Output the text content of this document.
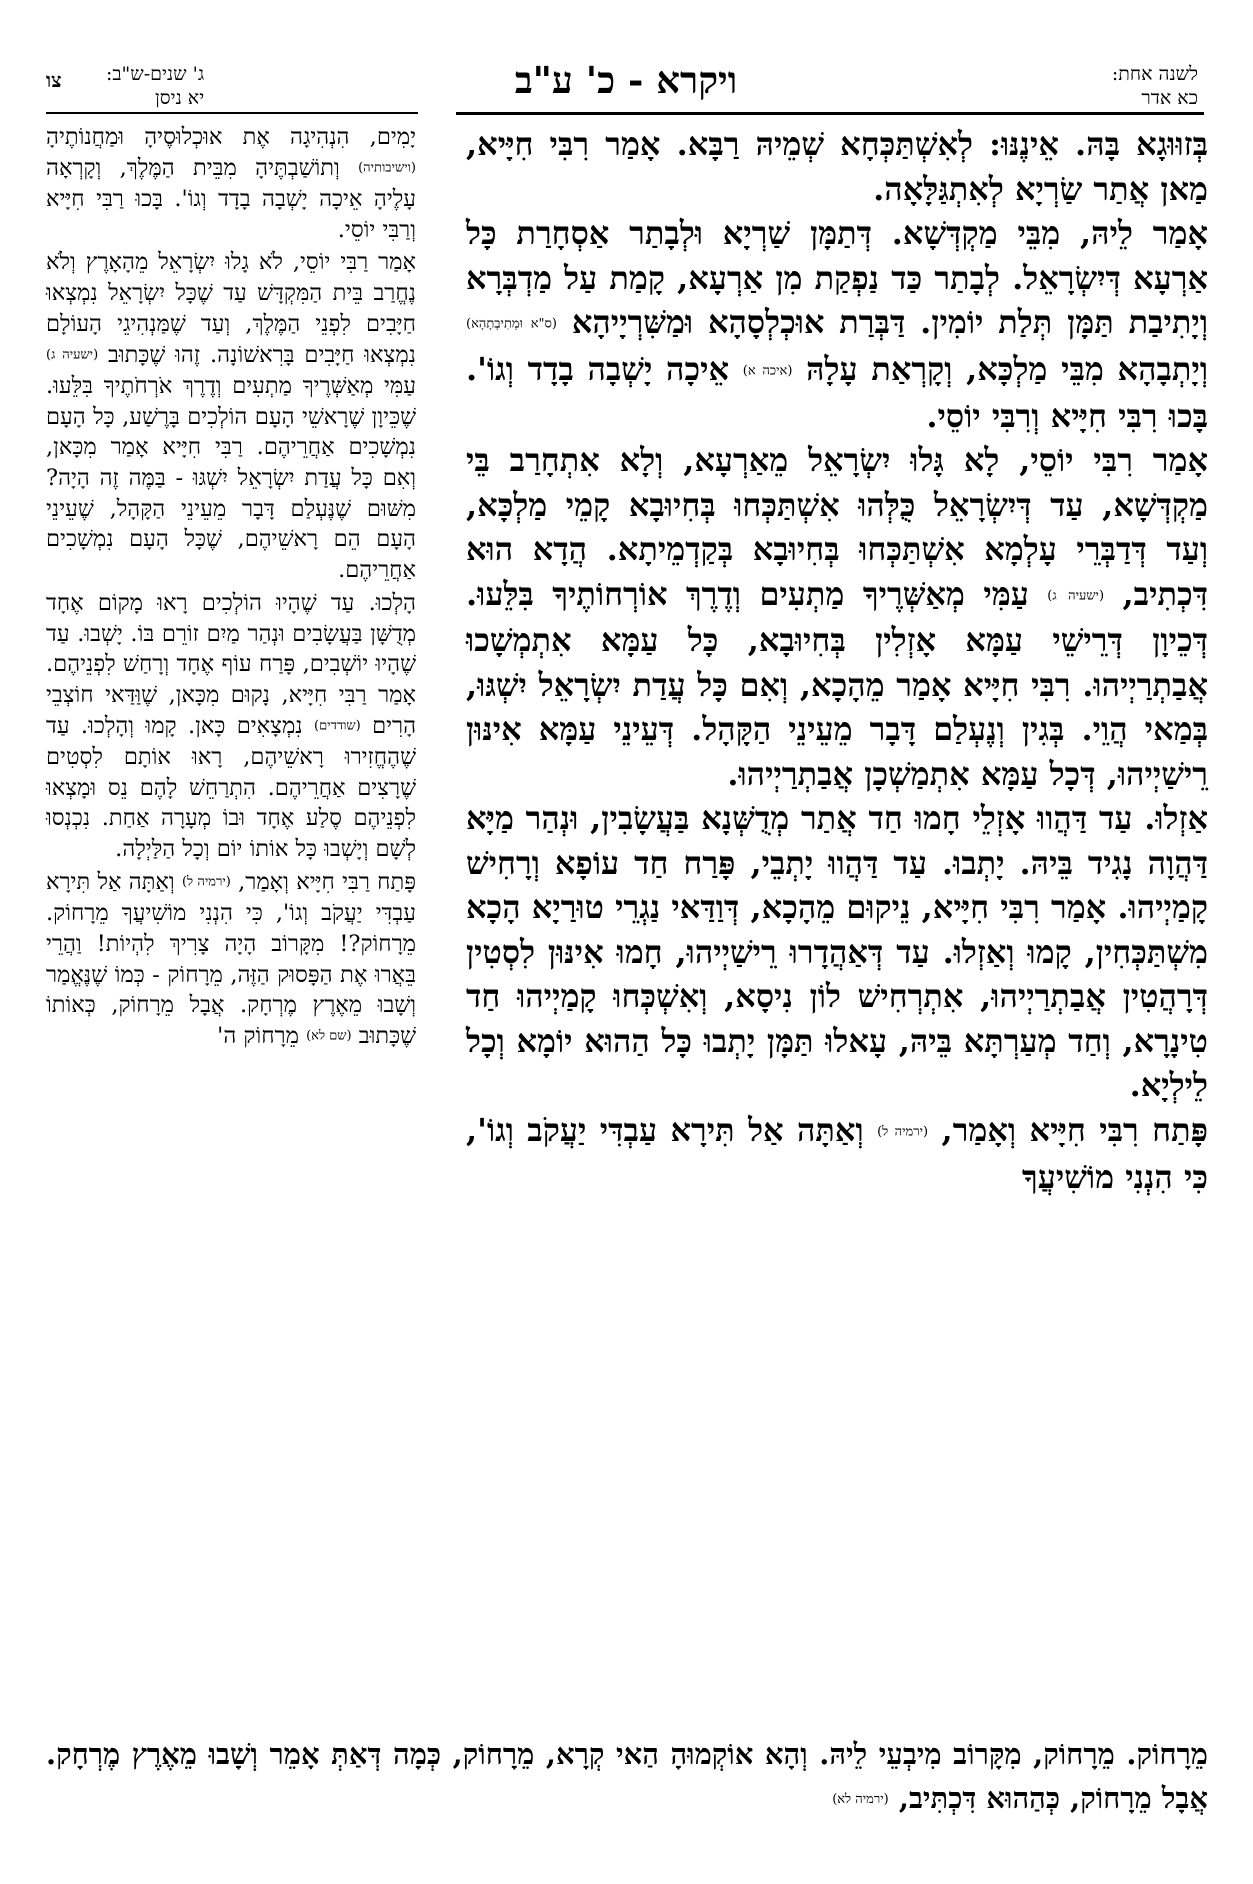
לשנה אחת:
כא אדר
ויקרא - כ' ע"ב
ג' שנים-ש"ב:
יא ניסן
צו

בְּזוּוּגָא בָּהּ. אֵינֶנּוּ: לְאִשְׁתַּכְּחָא שְׁמֵיהּ רַבָּא. אָמַר רִבִּי חִיָּיא, מַאן אֲתַר שַׂרְיָא לְאִתְגַּלָּאָה.

אָמַר לֵיהּ, מִבֵּי מַקְדְּשָׁא. דְּתַמָּן שַׁרְיָא וּלְבָתַר אַסְחָרַת כָּל אַרְעָא דְּיִשְׂרָאֵל. לְבָתַר כַּד נַפְקַת מִן אַרְעָא, קָמַת עַל מַדְבְּרָא וְיָתִיבַת תַּמָּן תְּלַת יוֹמִין. דַּבְּרַת אוּכְלְסָהָא וּמַשִּׁרְיָיהָא (ס"א וּמְתִיבְתָהָא) וְיָתְבָהָא מִבֵּי מַלְכָּא, וְקָרְאַת עָלָהּ (איכה א) אֵיכָה יָשְׁבָה בָדָד וְגוֹ'. בָּכוּ רִבִּי חִיָּיא וְרִבִּי יוֹסֵי.

אָמַר רִבִּי יוֹסֵי, לָא גָּלוּ יִשְׂרָאֵל מֵאַרְעָא, וְלָא אִתְחָרַב בֵּי מַקְדְּשָׁא, עַד דְּיִשְׂרָאֵל כֻּלְּהוּ אִשְׁתַּכְּחוּ בְּחִיוּבָא קָמֵי מַלְכָּא, וְעַד דְּדַבְּרֵי עָלְמָא אִשְׁתַּכְּחוּ בְּחִיוּבָא בְּקַדְמֵיתָא. הֲדָא הוּא דִּכְתִיב, (ישעיה ג) עַמִּי מְאַשְּׁרֶיךָ מַתְעִים וְדֶרֶךְ אוֹרְחוֹתֶיךָ בִּלֵּעוּ. דְּכֵיוָן דְּרֵישֵׁי עַמָּא אָזְלִין בְּחִיוּבָא, כָּל עַמָּא אִתְמְשָׁכוּ אֲבַתְרַיְיהוּ. רִבִּי חִיָּיא אָמַר מֵהָכָא, וְאִם כָּל עֲדַת יִשְׂרָאֵל יִשְׁגּוּ, בְּמַאי הֲוֵי. בְּגִין וְנֶעְלַם דָּבָר מֵעֵינֵי הַקָּהָל. דְּעֵינֵי עַמָּא אִינּוּן רֵישַׁיְיהוּ, דְּכָל עַמָּא אִתְמַשְׁכָן אֲבַתְרַיְיהוּ.

אַזְלוּ. עַד דַּהֲווּ אָזְלֵי חָמוּ חַד אֲתַר מְדֻשְּׁנָא בַּעֲשָׂבִין, וּנְהַר מַיָּא דַּהֲוָה נָגִיד בֵּיהּ. יָתְבוּ. עַד דַּהֲווּ יָתְבֵי, פָּרַח חַד עוֹפָא וְרָחִישׁ קָמַיְיהוּ. אָמַר רִבִּי חִיָּיא, נֵיקוּם מֵהָכָא, דְּוַדַּאי נַגְרֵי טוּרַיָא הָכָא מִשְׁתַּכְּחִין, קָמוּ וְאַזְלוּ. עַד דְּאַהֲדָרוּ רֵישַׁיְיהוּ, חָמוּ אִינּוּן לִסְטִין דְּרָהֲטִין אֲבַתְרַיְיהוּ, אִתְרְחִישׁ לוֹן נִיסָא, וְאִשְׁכְּחוּ קָמַיְיהוּ חַד טִינָרָא, וְחַד מְעַרְתָּא בֵּיהּ, עָאלוּ תַּמָּן יָתְבוּ כָּל הַהוּא יוֹמָא וְכָל לֵילְיָא.

פָּתַח רִבִּי חִיָּיא וְאָמַר, (ירמיה ל) וְאַתָּה אַל תִּירָא עַבְדִּי יַעֲקֹב וְגוֹ', כִּי הִנְנִי מוֹשִׁיעֲךָ

יָמִים, הִנְהִיגָה אֶת אוּכְלוּסֶיהָ וּמַחֲנוֹתֶיהָ (וישיבותיה) וְתוֹשַׁבְתֶּיהָ מִבֵּית הַמֶּלֶךְ, וְקָרְאָה עָלֶיהָ אֵיכָה יָשְׁבָה בָדָד וְגוֹ'. בָּכוּ רַבִּי חִיָּיא וְרַבִּי יוֹסֵי.

אָמַר רַבִּי יוֹסֵי, לֹא גָלוּ יִשְׂרָאֵל מֵהָאָרֶץ וְלֹא נֶחֱרַב בֵּית הַמִּקְדָּשׁ עַד שֶׁכָּל יִשְׂרָאֵל נִמְצְאוּ חַיָּבִים לִפְנֵי הַמֶּלֶךְ, וְעַד שֶׁמַּנְהִיגֵי הָעוֹלָם נִמְצְאוּ חַיָּבִים בָּרִאשׁוֹנָה. זֶהוּ שֶׁכָּתוּב (ישעיה ג) עַמִּי מְאַשְּׁרֶיךָ מַתְעִים וְדֶרֶךְ אֹרְחֹתֶיךָ בִּלֵּעוּ. שֶׁכֵּיוָן שֶׁרָאשֵׁי הָעָם הוֹלְכִים בָּרֶשַׁע, כָּל הָעָם נִמְשָׁכִים אַחֲרֵיהֶם. רַבִּי חִיָּיא אָמַר מִכָּאן, וְאִם כָּל עֲדַת יִשְׂרָאֵל יִשְׁגּוּ - בַּמֶּה זֶה הָיָה? מִשּׁוּם שֶׁנֶּעְלַם דָּבָר מֵעֵינֵי הַקָּהָל, שֶׁעֵינֵי הָעָם הֵם רָאשֵׁיהֶם, שֶׁכָּל הָעָם נִמְשָׁכִים אַחֲרֵיהֶם.

הָלְכוּ. עַד שֶׁהָיוּ הוֹלְכִים רָאוּ מָקוֹם אֶחָד מְדֻשָּׁן בַּעֲשָׂבִים וּנְהַר מַיִם זוֹרֵם בּוֹ. יָשְׁבוּ. עַד שֶׁהָיוּ יוֹשְׁבִים, פָּרַח עוֹף אֶחָד וְרָחַשׁ לִפְנֵיהֶם. אָמַר רַבִּי חִיָּיא, נָקוּם מִכָּאן, שֶׁוַּדַּאי חוֹצְבֵי הָרִים (שודדים) נִמְצָאִים כָּאן. קָמוּ וְהָלְכוּ. עַד שֶׁהֶחֱזִירוּ רָאשֵׁיהֶם, רָאוּ אוֹתָם לִסְטִים שֶׁרָצִים אַחֲרֵיהֶם. הִתְרַחֵשׁ לָהֶם נֵס וּמָצְאוּ לִפְנֵיהֶם סֶלַע אֶחָד וּבוֹ מְעָרָה אַחַת. נִכְנְסוּ לְשָׁם וְיָשְׁבוּ כָּל אוֹתוֹ יוֹם וְכָל הַלַּיְלָה.

פָּתַח רַבִּי חִיָּיא וְאָמַר, (ירמיה ל) וְאַתָּה אַל תִּירָא עַבְדִּי יַעֲקֹב וְגוֹ', כִּי הִנְנִי מוֹשִׁיעֲךָ מֵרָחוֹק. מֵרָחוֹק?! מִקָּרוֹב הָיָה צָרִיךְ לִהְיוֹת! וַהֲרֵי בֵּאֲרוּ אֶת הַפָּסוּק הַזֶּה, מֵרָחוֹק - כְּמוֹ שֶׁנֶּאֱמַר וְשָׁבוּ מֵאֶרֶץ מֶרְחָק. אֲבָל מֵרָחוֹק, כְּאוֹתוֹ שֶׁכָּתוּב (שם לא) מֵרָחוֹק ה'

מֵרָחוֹק. מֵרָחוֹק, מִקָּרוֹב מִיבְעֵי לֵיהּ. וְהָא אוֹקְמוּהָ הַאי קְרָא, מֵרָחוֹק, כְּמָה דְּאַתְּ אָמֵר וְשָׁבוּ מֵאֶרֶץ מֶרְחָק. אֲבָל מֵרָחוֹק, כְּהַהוּא דִּכְתִּיב, (ירמיה לא)
